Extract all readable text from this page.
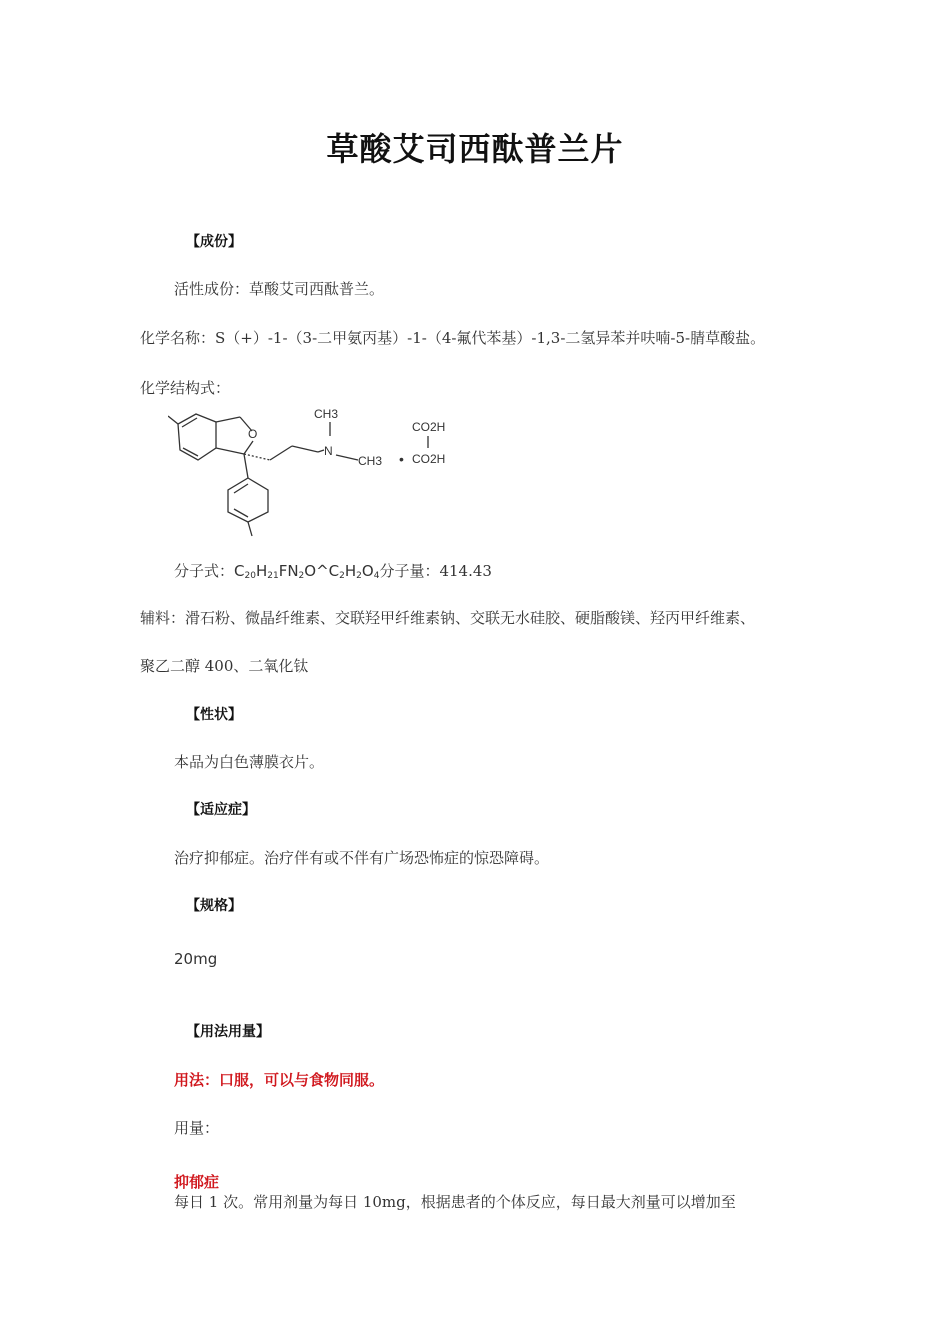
草酸艾司西酞普兰片
【成份】
活性成份：草酸艾司西酞普兰。
化学名称：S（+）-1-（3-二甲氨丙基）-1-（4-氟代苯基）-1,3-二氢异苯并呋喃-5-腈草酸盐。
化学结构式：
O
CH3
N
CH3 •
CO2H
CO2H
分子式：$C_{20}H_{21}FN_2O\^{}C_2H_2O_4$分子量：414.43
辅料：滑石粉、微晶纤维素、交联羟甲纤维素钠、交联无水硅胶、硬脂酸镁、羟丙甲纤维素、
聚乙二醇 400、二氧化钛
【性状】
本品为白色薄膜衣片。
【适应症】
治疗抑郁症。治疗伴有或不伴有广场恐怖症的惊恐障碍。
【规格】
20mg
【用法用量】
用法：口服，可以与食物同服。
用量：
抑郁症
每日 1 次。常用剂量为每日 10mg，根据患者的个体反应，每日最大剂量可以增加至
